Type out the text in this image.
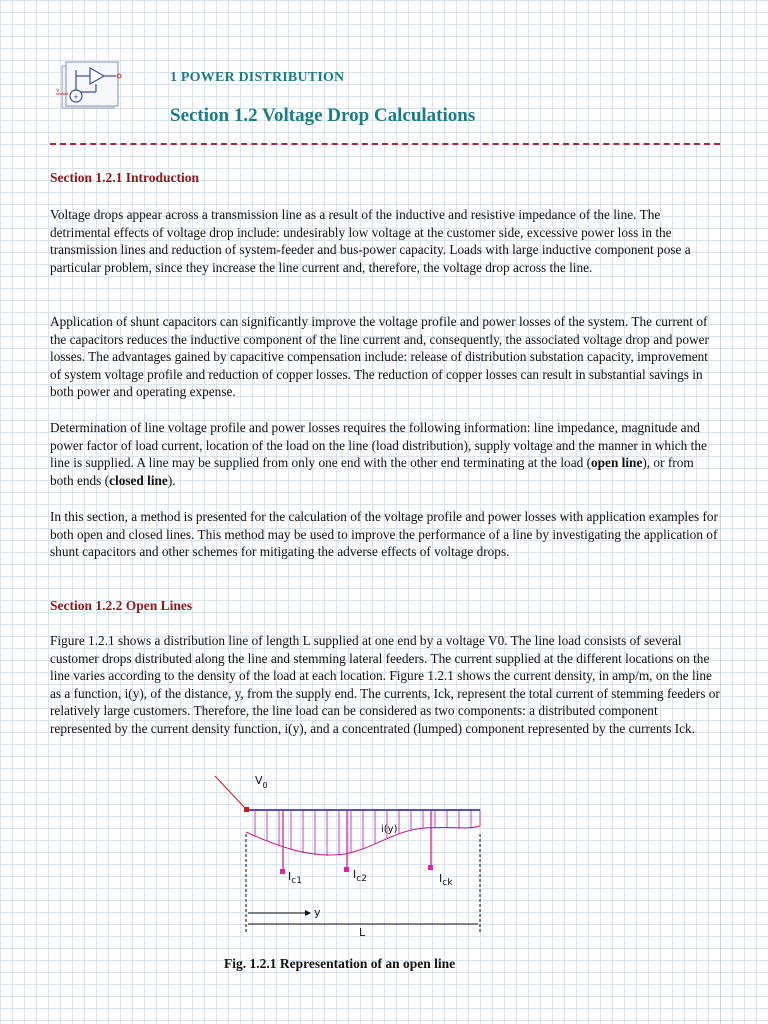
+
v
1 POWER DISTRIBUTION
Section 1.2 Voltage Drop Calculations
Section 1.2.1 Introduction

Voltage drops appear across a transmission line as a result of the inductive and resistive impedance of the line. The detrimental effects of voltage drop include: undesirably low voltage at the customer side, excessive power loss in the transmission lines and reduction of system-feeder and bus-power capacity. Loads with large inductive component pose a particular problem, since they increase the line current and, therefore, the voltage drop across the line.

Application of shunt capacitors can significantly improve the voltage profile and power losses of the system. The current of the capacitors reduces the inductive component of the line current and, consequently, the associated voltage drop and power losses. The advantages gained by capacitive compensation include: release of distribution substation capacity, improvement of system voltage profile and reduction of copper losses. The reduction of copper losses can result in substantial savings in both power and operating expense.

Determination of line voltage profile and power losses requires the following information: line impedance, magnitude and power factor of load current, location of the load on the line (load distribution), supply voltage and the manner in which the line is supplied. A line may be supplied from only one end with the other end terminating at the load (open line), or from both ends (closed line).

In this section, a method is presented for the calculation of the voltage profile and power losses with application examples for both open and closed lines. This method may be used to improve the performance of a line by investigating the application of shunt capacitors and other schemes for mitigating the adverse effects of voltage drops.

Section 1.2.2 Open Lines

Figure 1.2.1 shows a distribution line of length L supplied at one end by a voltage V0. The line load consists of several customer drops distributed along the line and stemming lateral feeders. The current supplied at the different locations on the line varies according to the density of the load at each location. Figure 1.2.1 shows the current density, in amp/m, on the line as a function, i(y), of the distance, y, from the supply end. The currents, Ick, represent the total current of stemming feeders or relatively large customers. Therefore, the line load can be considered as two components: a distributed component represented by the current density function, i(y), and a concentrated (lumped) component represented by the currents Ick.

$V_0$
i(y)
$I_{c1}$	$I_{c2}$	$I_{ck}$
y
L
Fig. 1.2.1 Representation of an open line
